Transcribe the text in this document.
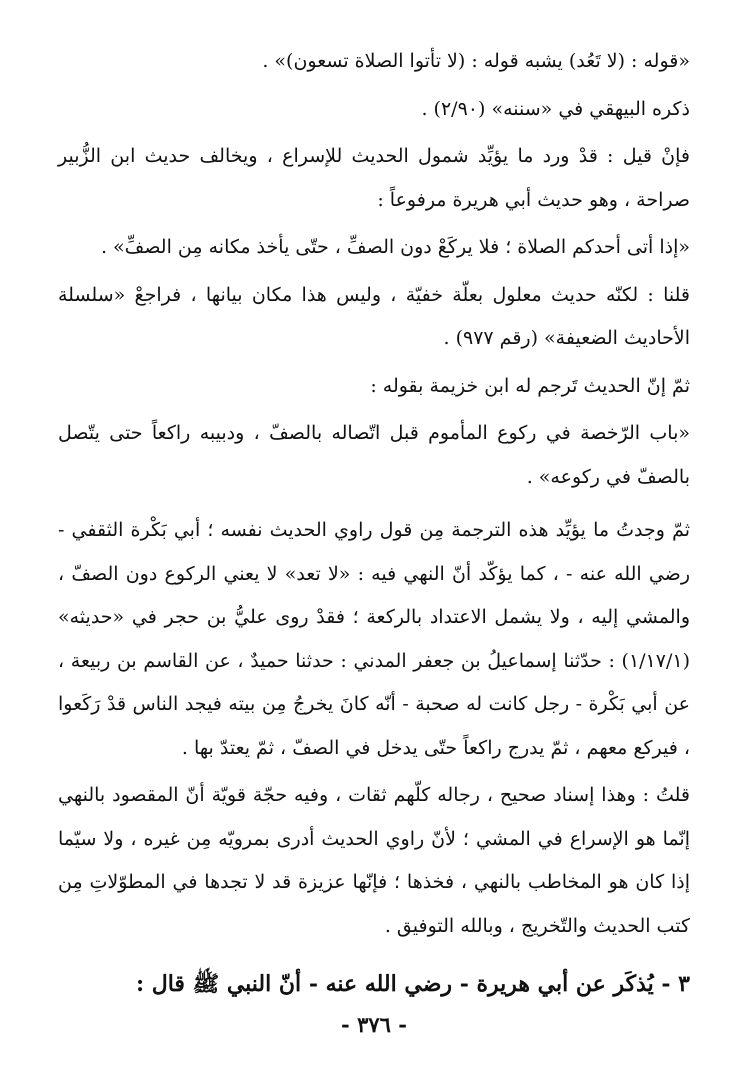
«قوله : (لا تَعُد) يشبه قوله : (لا تأتوا الصلاة تسعون)» .

ذكره البيهقي في «سننه» (٢/٩٠) .

فإنْ قيل : قدْ ورد ما يؤيِّد شمول الحديث للإسراع ، ويخالف حديث ابن الزُّبير صراحة ، وهو حديث أبي هريرة مرفوعاً :

«إذا أتى أحدكم الصلاة ؛ فلا يركَعْ دون الصفِّ ، حتّى يأخذ مكانه مِن الصفِّ» .

قلنا : لكنّه حديث معلول بعلّة خفيّة ، وليس هذا مكان بيانها ، فراجعْ «سلسلة الأحاديث الضعيفة» (رقم ٩٧٧) .

ثمّ إنّ الحديث تَرجم له ابن خزيمة بقوله :

«باب الرّخصة في ركوع المأموم قبل اتّصاله بالصفّ ، ودبيبه راكعاً حتى يتّصل بالصفّ في ركوعه» .

ثمّ وجدتُ ما يؤيِّد هذه الترجمة مِن قول راوي الحديث نفسه ؛ أبي بَكْرة الثقفي - رضي الله عنه - ، كما يؤكّد أنّ النهي فيه : «لا تعد» لا يعني الركوع دون الصفّ ، والمشي إليه ، ولا يشمل الاعتداد بالركعة ؛ فقدْ روى عليُّ بن حجر في «حديثه» (١/١٧/١) : حدّثنا إسماعيلُ بن جعفر المدني : حدثنا حميدٌ ، عن القاسم بن ربيعة ، عن أبي بَكْرة - رجل كانت له صحبة - أنّه كانَ يخرجُ مِن بيته فيجد الناس قدْ رَكَعوا ، فيركع معهم ، ثمّ يدرج راكعاً حتّى يدخل في الصفّ ، ثمّ يعتدّ بها .

قلتُ : وهذا إسناد صحيح ، رجاله كلّهم ثقات ، وفيه حجّة قويّة أنّ المقصود بالنهي إنّما هو الإسراع في المشي ؛ لأنّ راوي الحديث أدرى بمرويّه مِن غيره ، ولا سيّما إذا كان هو المخاطب بالنهي ، فخذها ؛ فإنّها عزيزة قد لا تجدها في المطوّلاتِ مِن كتب الحديث والتّخريج ، وبالله التوفيق .

٣ - يُذكَر عن أبي هريرة - رضي الله عنه - أنّ النبي ﷺ قال :
- ٣٧٦ -
